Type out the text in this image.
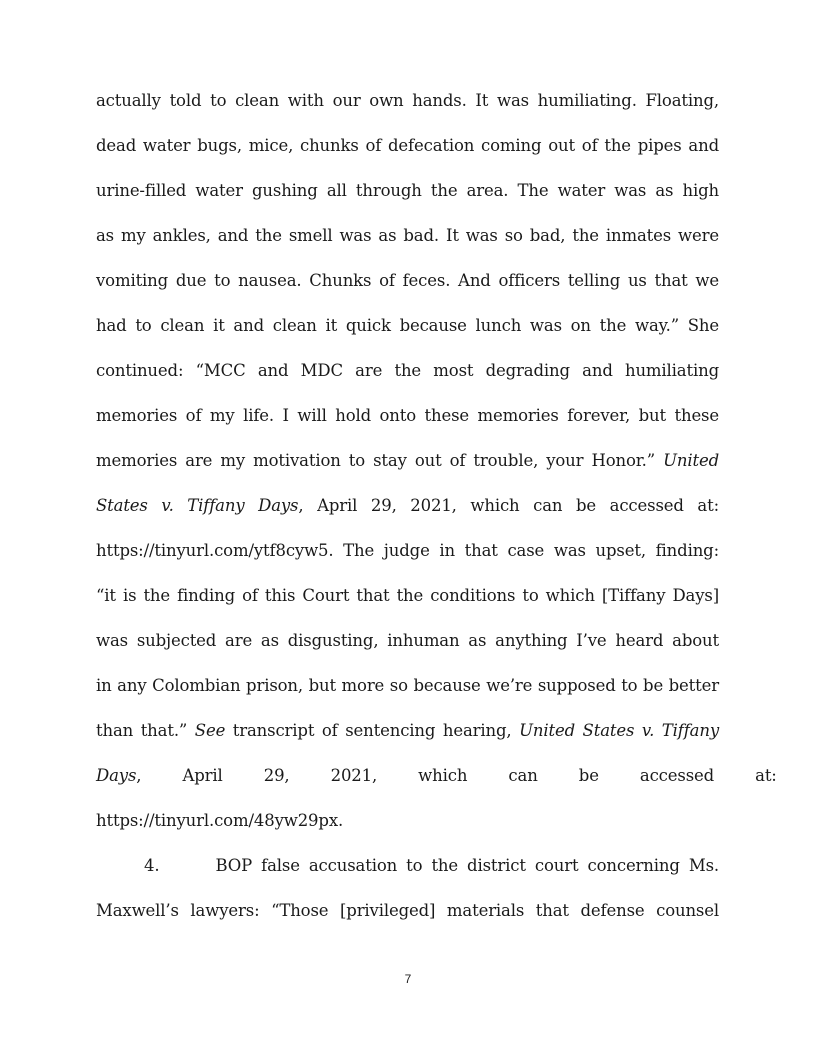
actually told to clean with our own hands. It was humiliating. Floating,
dead water bugs, mice, chunks of defecation coming out of the pipes and
urine-filled water gushing all through the area. The water was as high
as my ankles, and the smell was as bad. It was so bad, the inmates were
vomiting due to nausea. Chunks of feces. And officers telling us that we
had to clean it and clean it quick because lunch was on the way.” She
continued: “MCC and MDC are the most degrading and humiliating
memories of my life. I will hold onto these memories forever, but these
memories are my motivation to stay out of trouble, your Honor.” United
States v. Tiffany Days, April 29, 2021, which can be accessed at:
https://tinyurl.com/ytf8cyw5. The judge in that case was upset, finding:
“it is the finding of this Court that the conditions to which [Tiffany Days]
was subjected are as disgusting, inhuman as anything I’ve heard about
in any Colombian prison, but more so because we’re supposed to be better
than that.” See transcript of sentencing hearing, United States v. Tiffany
Days, April 29, 2021, which can be accessed at:
https://tinyurl.com/48yw29px.
4.	BOP false accusation to the district court concerning Ms.
Maxwell’s lawyers: “Those [privileged] materials that defense counsel
7
